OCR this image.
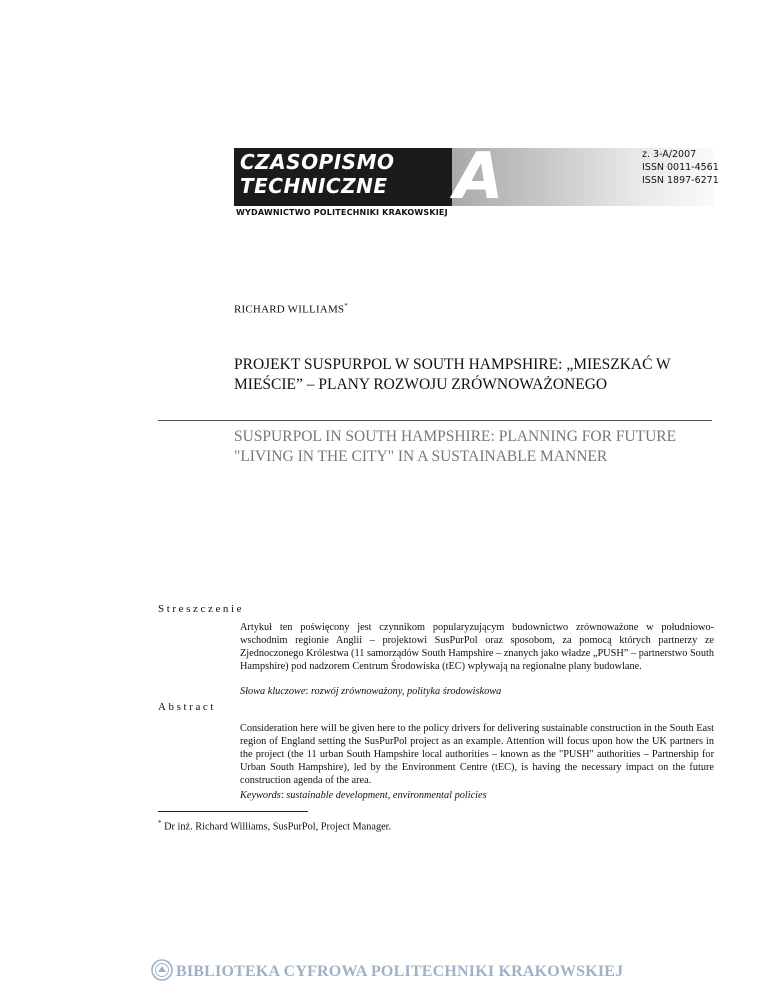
CZASOPISMO
TECHNICZNE A
WYDAWNICTWO POLITECHNIKI KRAKOWSKIEJ
z. 3-A/2007
ISSN 0011-4561
ISSN 1897-6271
RICHARD WILLIAMS*
PROJEKT SUSPURPOL W SOUTH HAMPSHIRE: „MIESZKAĆ W MIEŚCIE” – PLANY ROZWOJU ZRÓWNOWAŻONEGO
SUSPURPOL IN SOUTH HAMPSHIRE: PLANNING FOR FUTURE "LIVING IN THE CITY" IN A SUSTAINABLE MANNER
Streszczenie
Artykuł ten poświęcony jest czynnikom popularyzującym budownictwo zrównoważone w południowo-wschodnim regionie Anglii – projektowi SusPurPol oraz sposobom, za pomocą których partnerzy ze Zjednoczonego Królestwa (11 samorządów South Hampshire – znanych jako władze „PUSH” – partnerstwo South Hampshire) pod nadzorem Centrum Środowiska (tEC) wpływają na regionalne plany budowlane.
Słowa kluczowe: rozwój zrównoważony, polityka środowiskowa
Abstract
Consideration here will be given here to the policy drivers for delivering sustainable construction in the South East region of England setting the SusPurPol project as an example. Attention will focus upon how the UK partners in the project (the 11 urban South Hampshire local authorities – known as the "PUSH" authorities – Partnership for Urban South Hampshire), led by the Environment Centre (tEC), is having the necessary impact on the future construction agenda of the area.
Keywords: sustainable development, environmental policies
* Dr inż. Richard Williams, SusPurPol, Project Manager.
BIBLIOTEKA CYFROWA POLITECHNIKI KRAKOWSKIEJ
